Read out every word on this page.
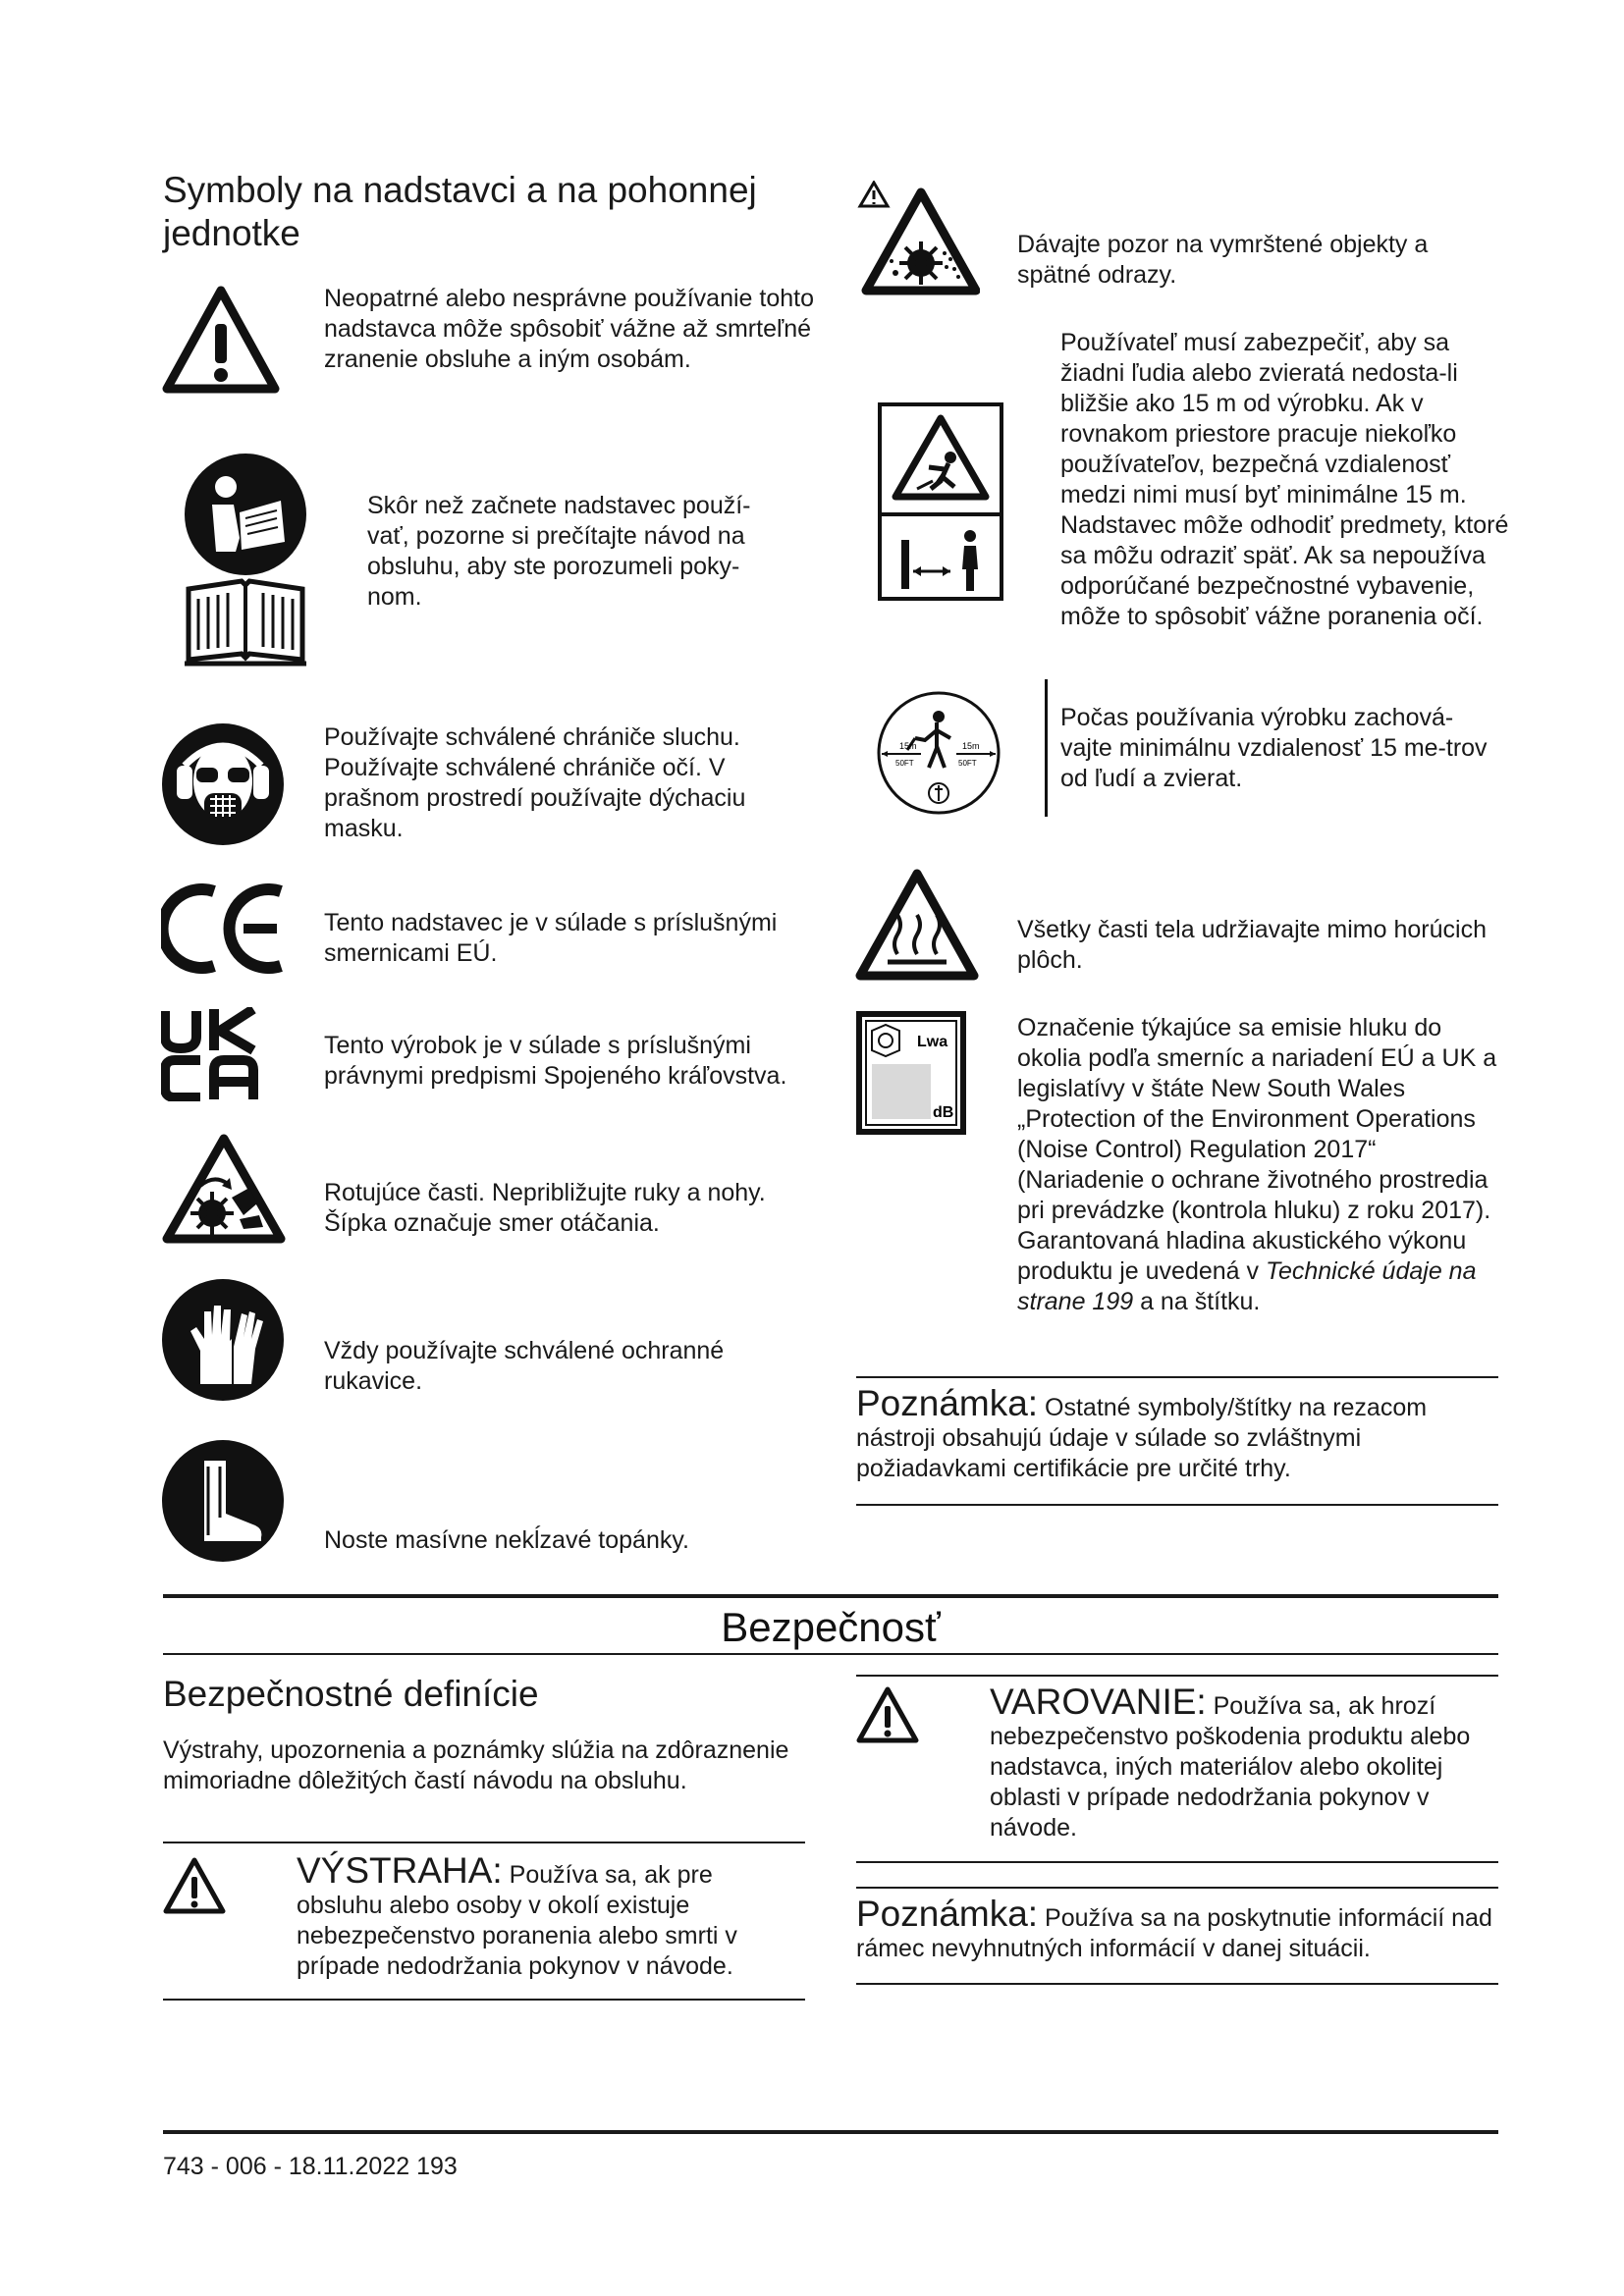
Symboly na nadstavci a na pohonnej jednotke
Neopatrné alebo nesprávne používanie tohto nadstavca môže spôsobiť vážne až smrteľné zranenie obsluhe a iným osobám.
Skôr než začnete nadstavec použí-vať, pozorne si prečítajte návod na obsluhu, aby ste porozumeli poky-nom.
Používajte schválené chrániče sluchu. Používajte schválené chrániče očí. V prašnom prostredí používajte dýchaciu masku.
Tento nadstavec je v súlade s príslušnými smernicami EÚ.
Tento výrobok je v súlade s príslušnými právnymi predpismi Spojeného kráľovstva.
Rotujúce časti. Nepribližujte ruky a nohy. Šípka označuje smer otáčania.
Vždy používajte schválené ochranné rukavice.
Noste masívne nekĺzavé topánky.
Dávajte pozor na vymrštené objekty a spätné odrazy.
Používateľ musí zabezpečiť, aby sa žiadni ľudia alebo zvieratá nedosta-li bližšie ako 15 m od výrobku. Ak v rovnakom priestore pracuje niekoľko používateľov, bezpečná vzdialenosť medzi nimi musí byť minimálne 15 m. Nadstavec môže odhodiť predmety, ktoré sa môžu odraziť späť. Ak sa nepoužíva odporúčané bezpečnostné vybavenie, môže to spôsobiť vážne poranenia očí.
15m
50FT
15m
50FT
Počas používania výrobku zachová-vajte minimálnu vzdialenosť 15 me-trov od ľudí a zvierat.
Všetky časti tela udržiavajte mimo horúcich plôch.
Lwa
dB
Označenie týkajúce sa emisie hluku do okolia podľa smerníc a nariadení EÚ a UK a legislatívy v štáte New South Wales „Protection of the Environment Operations (Noise Control) Regulation 2017“ (Nariadenie o ochrane životného prostredia pri prevádzke (kontrola hluku) z roku 2017). Garantovaná hladina akustického výkonu produktu je uvedená v Technické údaje na strane 199 a na štítku.
Poznámka: Ostatné symboly/štítky na rezacom nástroji obsahujú údaje v súlade so zvláštnymi požiadavkami certifikácie pre určité trhy.
Bezpečnosť
Bezpečnostné definície
Výstrahy, upozornenia a poznámky slúžia na zdôraznenie mimoriadne dôležitých častí návodu na obsluhu.
VÝSTRAHA: Používa sa, ak pre obsluhu alebo osoby v okolí existuje nebezpečenstvo poranenia alebo smrti v prípade nedodržania pokynov v návode.
VAROVANIE: Používa sa, ak hrozí nebezpečenstvo poškodenia produktu alebo nadstavca, iných materiálov alebo okolitej oblasti v prípade nedodržania pokynov v návode.
Poznámka: Používa sa na poskytnutie informácií nad rámec nevyhnutných informácií v danej situácii.
743 - 006 - 18.11.2022 193
